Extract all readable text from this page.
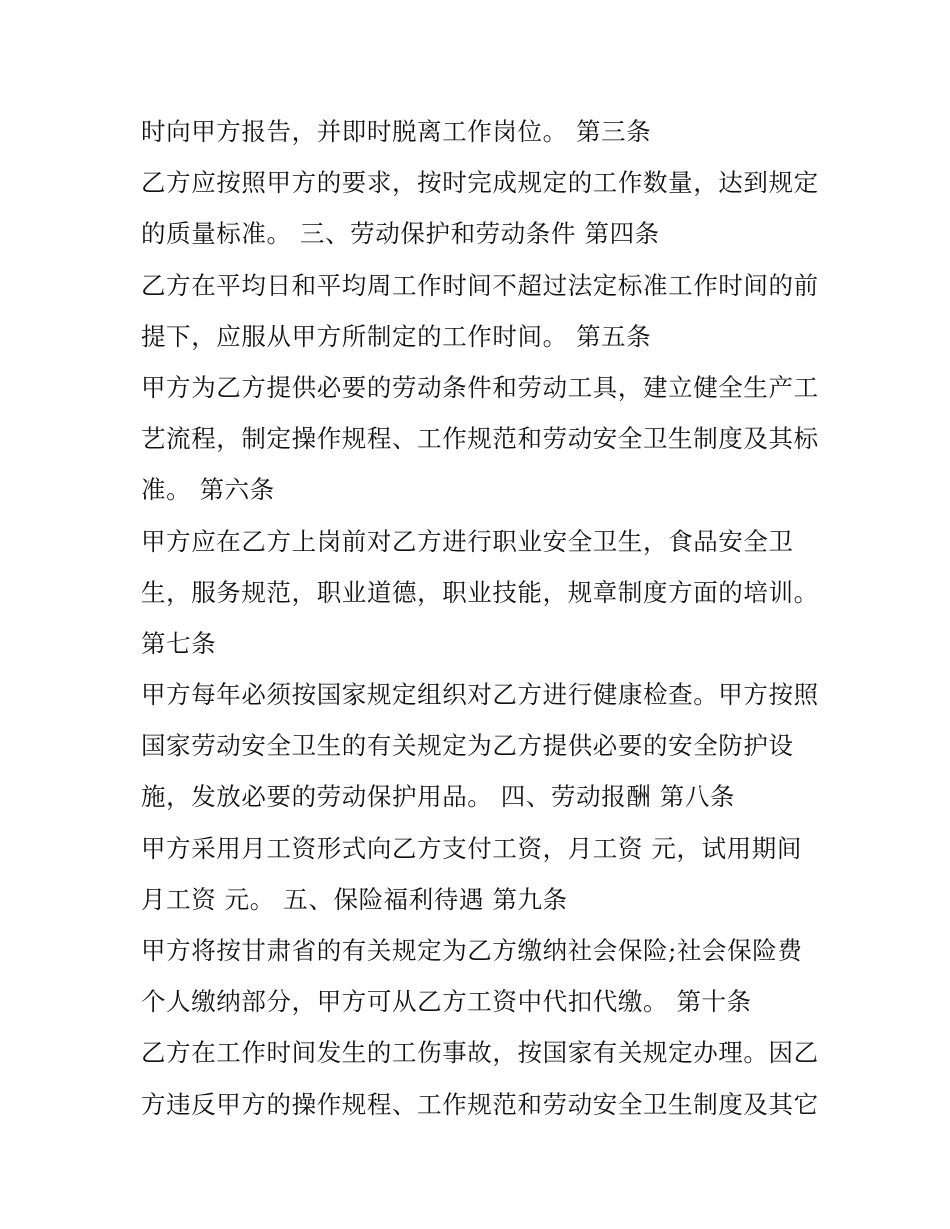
时向甲方报告，并即时脱离工作岗位。 第三条
乙方应按照甲方的要求，按时完成规定的工作数量，达到规定
的质量标准。 三、劳动保护和劳动条件 第四条
乙方在平均日和平均周工作时间不超过法定标准工作时间的前
提下，应服从甲方所制定的工作时间。 第五条
甲方为乙方提供必要的劳动条件和劳动工具，建立健全生产工
艺流程，制定操作规程、工作规范和劳动安全卫生制度及其标
准。 第六条
甲方应在乙方上岗前对乙方进行职业安全卫生，食品安全卫
生，服务规范，职业道德，职业技能，规章制度方面的培训。
第七条
甲方每年必须按国家规定组织对乙方进行健康检查。甲方按照
国家劳动安全卫生的有关规定为乙方提供必要的安全防护设
施，发放必要的劳动保护用品。 四、劳动报酬 第八条
甲方采用月工资形式向乙方支付工资，月工资 元，试用期间
月工资 元。 五、保险福利待遇 第九条
甲方将按甘肃省的有关规定为乙方缴纳社会保险;社会保险费
个人缴纳部分，甲方可从乙方工资中代扣代缴。 第十条
乙方在工作时间发生的工伤事故，按国家有关规定办理。因乙
方违反甲方的操作规程、工作规范和劳动安全卫生制度及其它
